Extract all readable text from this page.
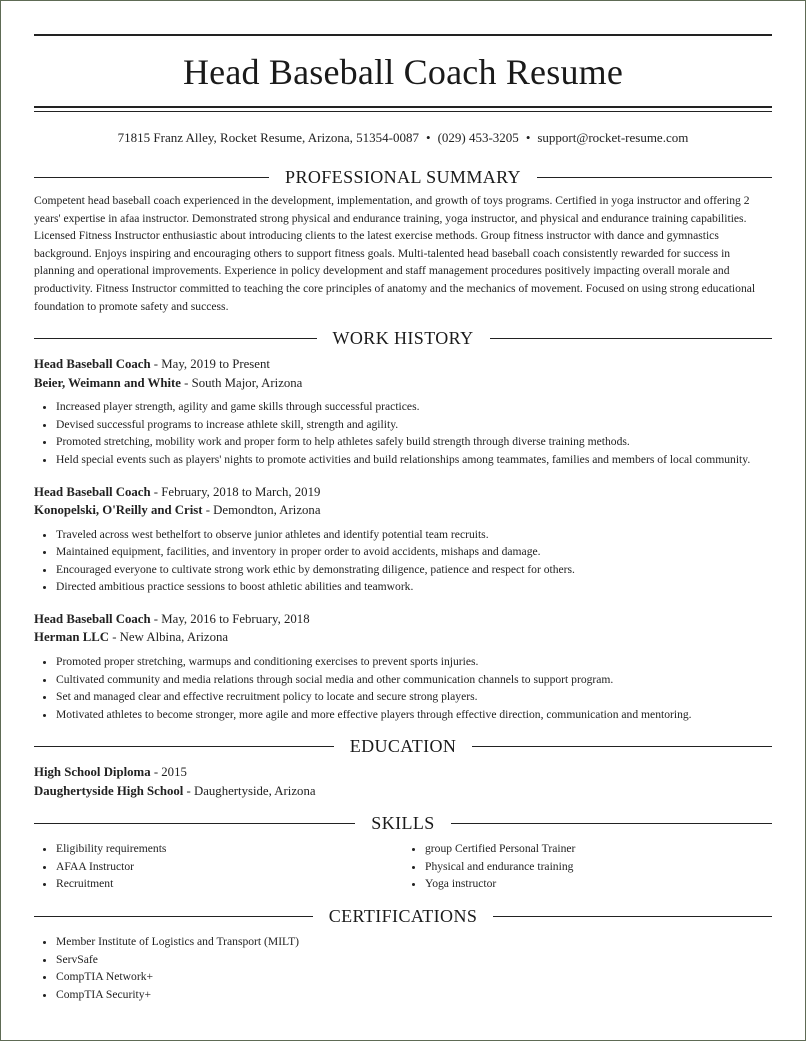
Head Baseball Coach Resume
71815 Franz Alley, Rocket Resume, Arizona, 51354-0087 • (029) 453-3205 • support@rocket-resume.com
PROFESSIONAL SUMMARY
Competent head baseball coach experienced in the development, implementation, and growth of toys programs. Certified in yoga instructor and offering 2 years' expertise in afaa instructor. Demonstrated strong physical and endurance training, yoga instructor, and physical and endurance training capabilities. Licensed Fitness Instructor enthusiastic about introducing clients to the latest exercise methods. Group fitness instructor with dance and gymnastics background. Enjoys inspiring and encouraging others to support fitness goals. Multi-talented head baseball coach consistently rewarded for success in planning and operational improvements. Experience in policy development and staff management procedures positively impacting overall morale and productivity. Fitness Instructor committed to teaching the core principles of anatomy and the mechanics of movement. Focused on using strong educational foundation to promote safety and success.
WORK HISTORY
Head Baseball Coach - May, 2019 to Present
Beier, Weimann and White - South Major, Arizona
• Increased player strength, agility and game skills through successful practices.
• Devised successful programs to increase athlete skill, strength and agility.
• Promoted stretching, mobility work and proper form to help athletes safely build strength through diverse training methods.
• Held special events such as players' nights to promote activities and build relationships among teammates, families and members of local community.
Head Baseball Coach - February, 2018 to March, 2019
Konopelski, O'Reilly and Crist - Demondton, Arizona
• Traveled across west bethelfort to observe junior athletes and identify potential team recruits.
• Maintained equipment, facilities, and inventory in proper order to avoid accidents, mishaps and damage.
• Encouraged everyone to cultivate strong work ethic by demonstrating diligence, patience and respect for others.
• Directed ambitious practice sessions to boost athletic abilities and teamwork.
Head Baseball Coach - May, 2016 to February, 2018
Herman LLC - New Albina, Arizona
• Promoted proper stretching, warmups and conditioning exercises to prevent sports injuries.
• Cultivated community and media relations through social media and other communication channels to support program.
• Set and managed clear and effective recruitment policy to locate and secure strong players.
• Motivated athletes to become stronger, more agile and more effective players through effective direction, communication and mentoring.
EDUCATION
High School Diploma - 2015
Daughertyside High School - Daughertyside, Arizona
SKILLS
• Eligibility requirements
• AFAA Instructor
• Recruitment
• group Certified Personal Trainer
• Physical and endurance training
• Yoga instructor
CERTIFICATIONS
• Member Institute of Logistics and Transport (MILT)
• ServSafe
• CompTIA Network+
• CompTIA Security+
